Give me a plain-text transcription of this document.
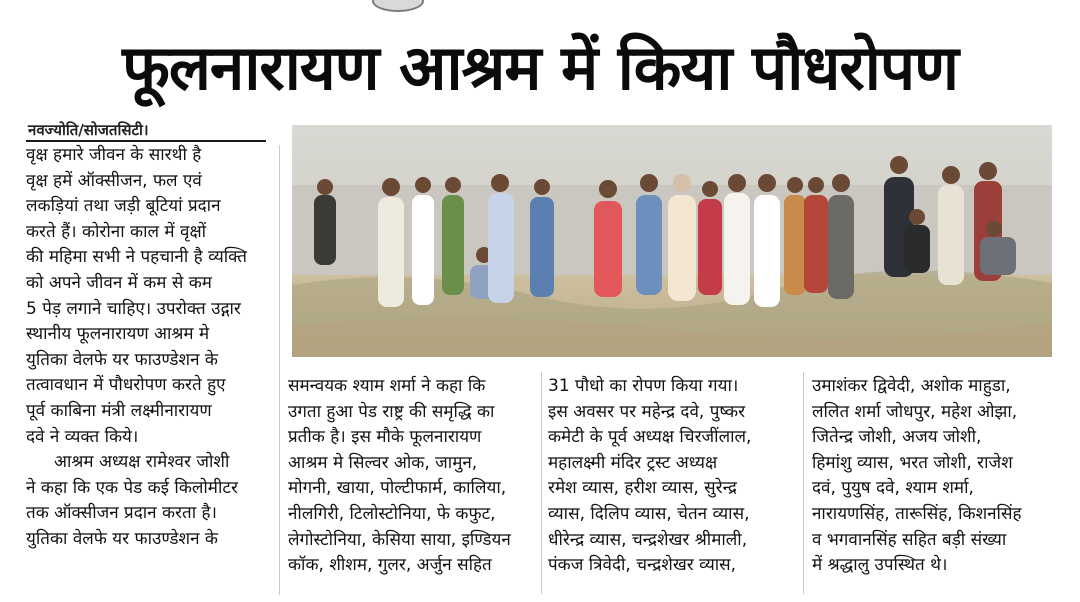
फूलनारायण आश्रम में किया पौधरोपण
नवज्योति/सोजतसिटी।
वृक्ष हमारे जीवन के सारथी है
वृक्ष हमें ऑक्सीजन, फल एवं
लकड़ियां तथा जड़ी बूटियां प्रदान
करते हैं। कोरोना काल में वृक्षों
की महिमा सभी ने पहचानी है व्यक्ति
को अपने जीवन में कम से कम
5 पेड़ लगाने चाहिए। उपरोक्त उद्गार
स्थानीय फूलनारायण आश्रम मे
युतिका वेलफे यर फाउण्डेशन के
तत्वावधान में पौधरोपण करते हुए
पूर्व काबिना मंत्री लक्ष्मीनारायण
दवे ने व्यक्त किये।
आश्रम अध्यक्ष रामेश्वर जोशी
ने कहा कि एक पेड कई किलोमीटर
तक ऑक्सीजन प्रदान करता है।
युतिका वेलफे यर फाउण्डेशन के
समन्वयक श्याम शर्मा ने कहा कि
उगता हुआ पेड राष्ट्र की समृद्धि का
प्रतीक है। इस मौके फूलनारायण
आश्रम मे सिल्वर ओक, जामुन,
मोगनी, खाया, पोल्टीफार्म, कालिया,
नीलगिरी, टिलोस्टोनिया, फे कफुट,
लेगोस्टोनिया, केसिया साया, इण्डियन
कॉक, शीशम, गुलर, अर्जुन सहित
31 पौधो का रोपण किया गया।
इस अवसर पर महेन्द्र दवे, पुष्कर
कमेटी के पूर्व अध्यक्ष चिरजींलाल,
महालक्ष्मी मंदिर ट्रस्ट अध्यक्ष
रमेश व्यास, हरीश व्यास, सुरेन्द्र
व्यास, दिलिप व्यास, चेतन व्यास,
धीरेन्द्र व्यास, चन्द्रशेखर श्रीमाली,
पंकज त्रिवेदी, चन्द्रशेखर व्यास,
उमाशंकर द्विवेदी, अशोक माहुडा,
ललित शर्मा जोधपुर, महेश ओझा,
जितेन्द्र जोशी, अजय जोशी,
हिमांशु व्यास, भरत जोशी, राजेश
दवं, पुयुष दवे, श्याम शर्मा,
नारायणसिंह, तारूसिंह, किशनसिंह
व भगवानसिंह सहित बड़ी संख्या
में श्रद्धालु उपस्थित थे।
